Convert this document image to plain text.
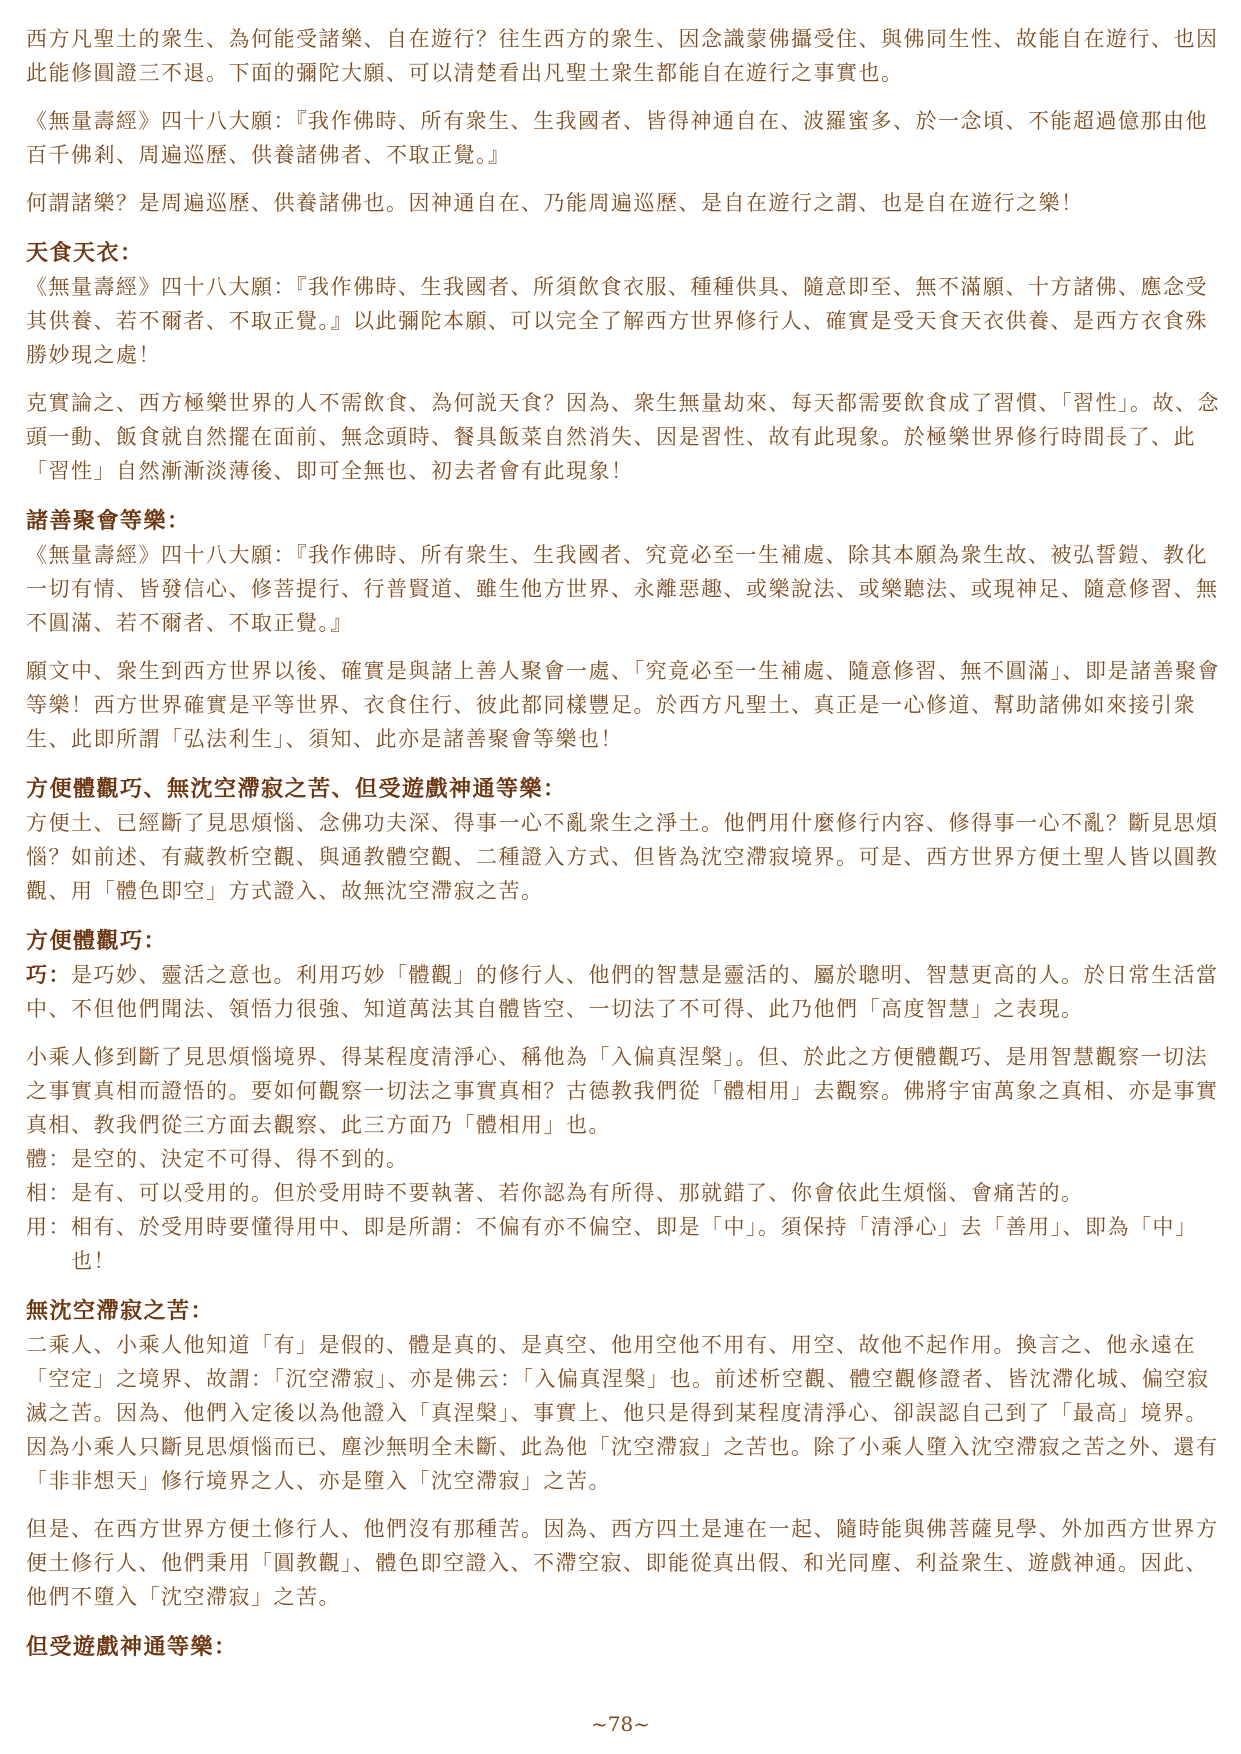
西方凡聖土的衆生、為何能受諸樂、自在遊行？往生西方的衆生、因念識蒙佛攝受住、與佛同生性、故能自在遊行、也因此能修圓證三不退。下面的彌陀大願、可以清楚看出凡聖土衆生都能自在遊行之事實也。

《無量壽經》四十八大願：『我作佛時、所有衆生、生我國者、皆得神通自在、波羅蜜多、於一念頃、不能超過億那由他百千佛剎、周遍巡歷、供養諸佛者、不取正覺。』

何謂諸樂？是周遍巡歷、供養諸佛也。因神通自在、乃能周遍巡歷、是自在遊行之謂、也是自在遊行之樂！

天食天衣：

《無量壽經》四十八大願：『我作佛時、生我國者、所須飲食衣服、種種供具、隨意即至、無不滿願、十方諸佛、應念受其供養、若不爾者、不取正覺。』以此彌陀本願、可以完全了解西方世界修行人、確實是受天食天衣供養、是西方衣食殊勝妙現之處！

克實論之、西方極樂世界的人不需飲食、為何説天食？因為、衆生無量劫來、每天都需要飲食成了習慣、「習性」。故、念頭一動、飯食就自然擺在面前、無念頭時、餐具飯菜自然消失、因是習性、故有此現象。於極樂世界修行時間長了、此「習性」自然漸漸淡薄後、即可全無也、初去者會有此現象！

諸善聚會等樂：

《無量壽經》四十八大願：『我作佛時、所有衆生、生我國者、究竟必至一生補處、除其本願為衆生故、被弘誓鎧、教化一切有情、皆發信心、修菩提行、行普賢道、雖生他方世界、永離惡趣、或樂說法、或樂聽法、或現神足、隨意修習、無不圓滿、若不爾者、不取正覺。』

願文中、衆生到西方世界以後、確實是與諸上善人聚會一處、「究竟必至一生補處、隨意修習、無不圓滿」、即是諸善聚會等樂！西方世界確實是平等世界、衣食住行、彼此都同樣豐足。於西方凡聖土、真正是一心修道、幫助諸佛如來接引衆生、此即所謂「弘法利生」、須知、此亦是諸善聚會等樂也！

方便體觀巧、無沈空滯寂之苦、但受遊戲神通等樂：

方便土、已經斷了見思煩惱、念佛功夫深、得事一心不亂衆生之淨土。他們用什麼修行内容、修得事一心不亂？斷見思煩惱？如前述、有藏教析空觀、與通教體空觀、二種證入方式、但皆為沈空滯寂境界。可是、西方世界方便土聖人皆以圓教觀、用「體色即空」方式證入、故無沈空滯寂之苦。

方便體觀巧：

巧：是巧妙、靈活之意也。利用巧妙「體觀」的修行人、他們的智慧是靈活的、屬於聰明、智慧更高的人。於日常生活當中、不但他們聞法、領悟力很強、知道萬法其自體皆空、一切法了不可得、此乃他們「高度智慧」之表現。

小乘人修到斷了見思煩惱境界、得某程度清淨心、稱他為「入偏真涅槃」。但、於此之方便體觀巧、是用智慧觀察一切法之事實真相而證悟的。要如何觀察一切法之事實真相？古德教我們從「體相用」去觀察。佛將宇宙萬象之真相、亦是事實真相、教我們從三方面去觀察、此三方面乃「體相用」也。

體： 是空的、決定不可得、得不到的。
相： 是有、可以受用的。但於受用時不要執著、若你認為有所得、那就錯了、你會依此生煩惱、會痛苦的。
用： 相有、於受用時要懂得用中、即是所謂：不偏有亦不偏空、即是「中」。須保持「清淨心」去「善用」、即為「中」也！
無沈空滯寂之苦：

二乘人、小乘人他知道「有」是假的、體是真的、是真空、他用空他不用有、用空、故他不起作用。換言之、他永遠在「空定」之境界、故謂：「沉空滯寂」、亦是佛云：「入偏真涅槃」也。前述析空觀、體空觀修證者、皆沈滯化城、偏空寂滅之苦。因為、他們入定後以為他證入「真涅槃」、事實上、他只是得到某程度清淨心、卻誤認自己到了「最高」境界。因為小乘人只斷見思煩惱而已、塵沙無明全未斷、此為他「沈空滯寂」之苦也。除了小乘人墮入沈空滯寂之苦之外、還有「非非想天」修行境界之人、亦是墮入「沈空滯寂」之苦。

但是、在西方世界方便土修行人、他們沒有那種苦。因為、西方四土是連在一起、隨時能與佛菩薩見學、外加西方世界方便土修行人、他們秉用「圓教觀」、體色即空證入、不滯空寂、即能從真出假、和光同塵、利益衆生、遊戲神通。因此、他們不墮入「沈空滯寂」之苦。

但受遊戲神通等樂：
~78~
